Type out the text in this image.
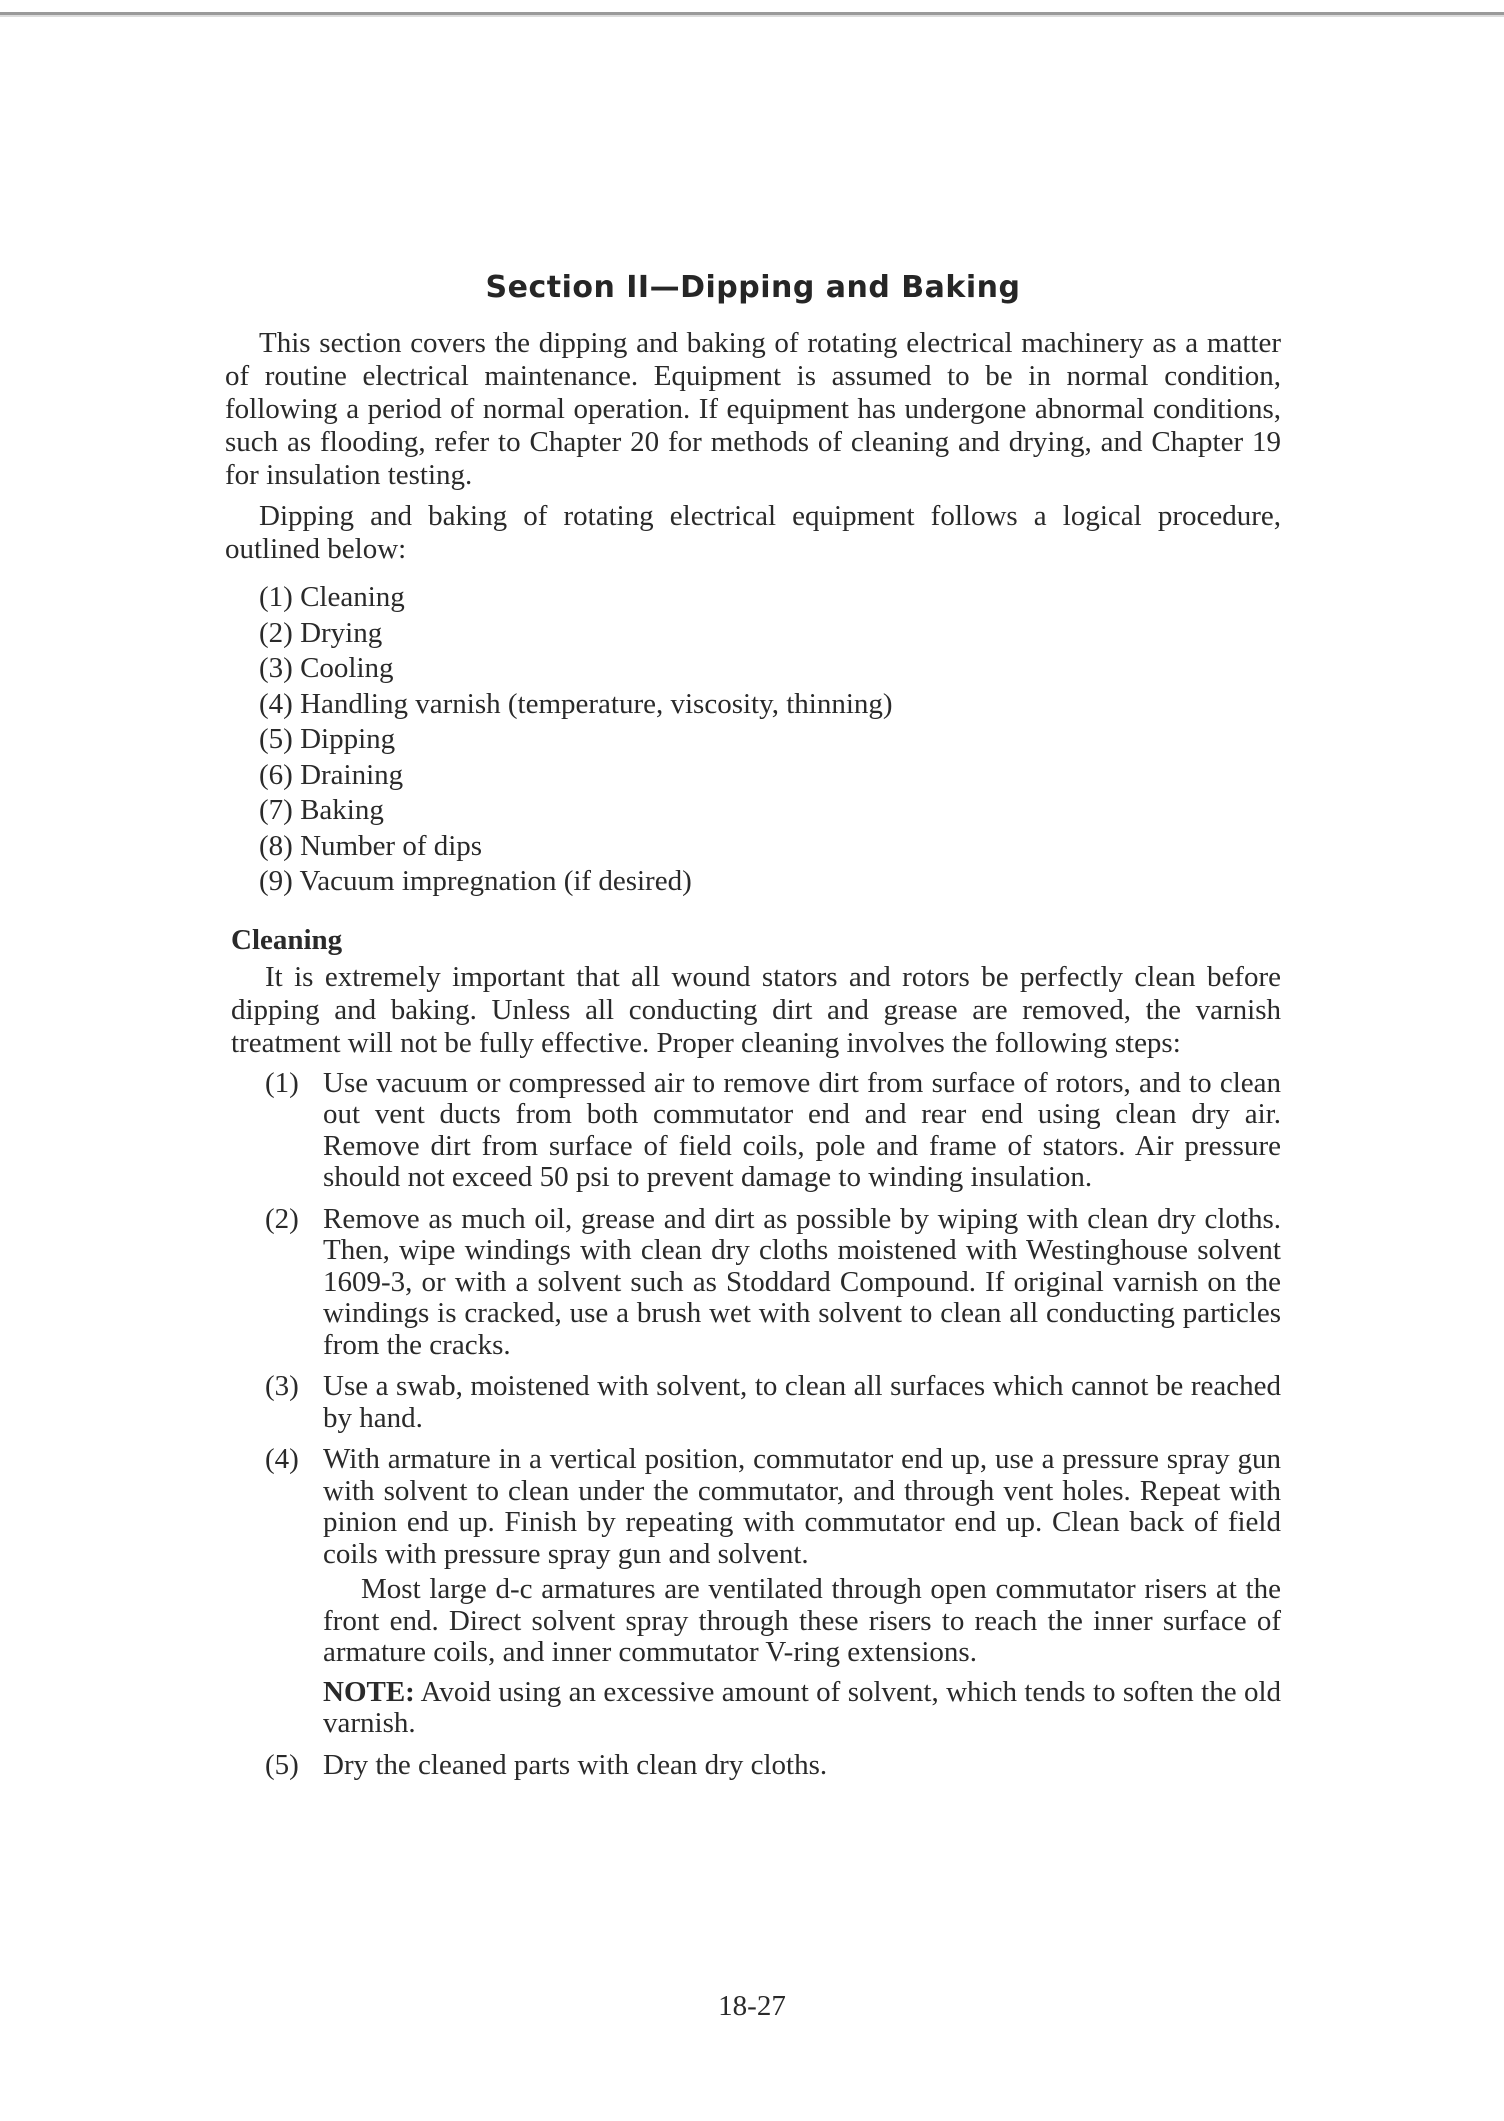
Section II—Dipping and Baking

This section covers the dipping and baking of rotating electrical machinery as a matter of routine electrical maintenance. Equipment is assumed to be in normal condition, following a period of normal operation. If equipment has undergone abnormal conditions, such as flooding, refer to Chapter 20 for methods of cleaning and drying, and Chapter 19 for insulation testing.

Dipping and baking of rotating electrical equipment follows a logical procedure, outlined below:

(1) Cleaning
(2) Drying
(3) Cooling
(4) Handling varnish (temperature, viscosity, thinning)
(5) Dipping
(6) Draining
(7) Baking
(8) Number of dips
(9) Vacuum impregnation (if desired)
Cleaning

It is extremely important that all wound stators and rotors be perfectly clean before dipping and baking. Unless all conducting dirt and grease are removed, the varnish treatment will not be fully effective. Proper cleaning involves the following steps:

(1) Use vacuum or compressed air to remove dirt from surface of rotors, and to clean out vent ducts from both commutator end and rear end using clean dry air. Remove dirt from surface of field coils, pole and frame of stators. Air pressure should not exceed 50 psi to prevent damage to winding insulation.
(2) Remove as much oil, grease and dirt as possible by wiping with clean dry cloths. Then, wipe windings with clean dry cloths moistened with Westinghouse solvent 1609-3, or with a solvent such as Stoddard Compound. If original varnish on the windings is cracked, use a brush wet with solvent to clean all conducting particles from the cracks.
(3) Use a swab, moistened with solvent, to clean all surfaces which cannot be reached by hand.
(4) With armature in a vertical position, commutator end up, use a pressure spray gun with solvent to clean under the commutator, and through vent holes. Repeat with pinion end up. Finish by repeating with commutator end up. Clean back of field coils with pressure spray gun and solvent.
Most large d-c armatures are ventilated through open commutator risers at the front end. Direct solvent spray through these risers to reach the inner surface of armature coils, and inner commutator V-ring extensions.
NOTE: Avoid using an excessive amount of solvent, which tends to soften the old varnish.
(5) Dry the cleaned parts with clean dry cloths.
18-27
